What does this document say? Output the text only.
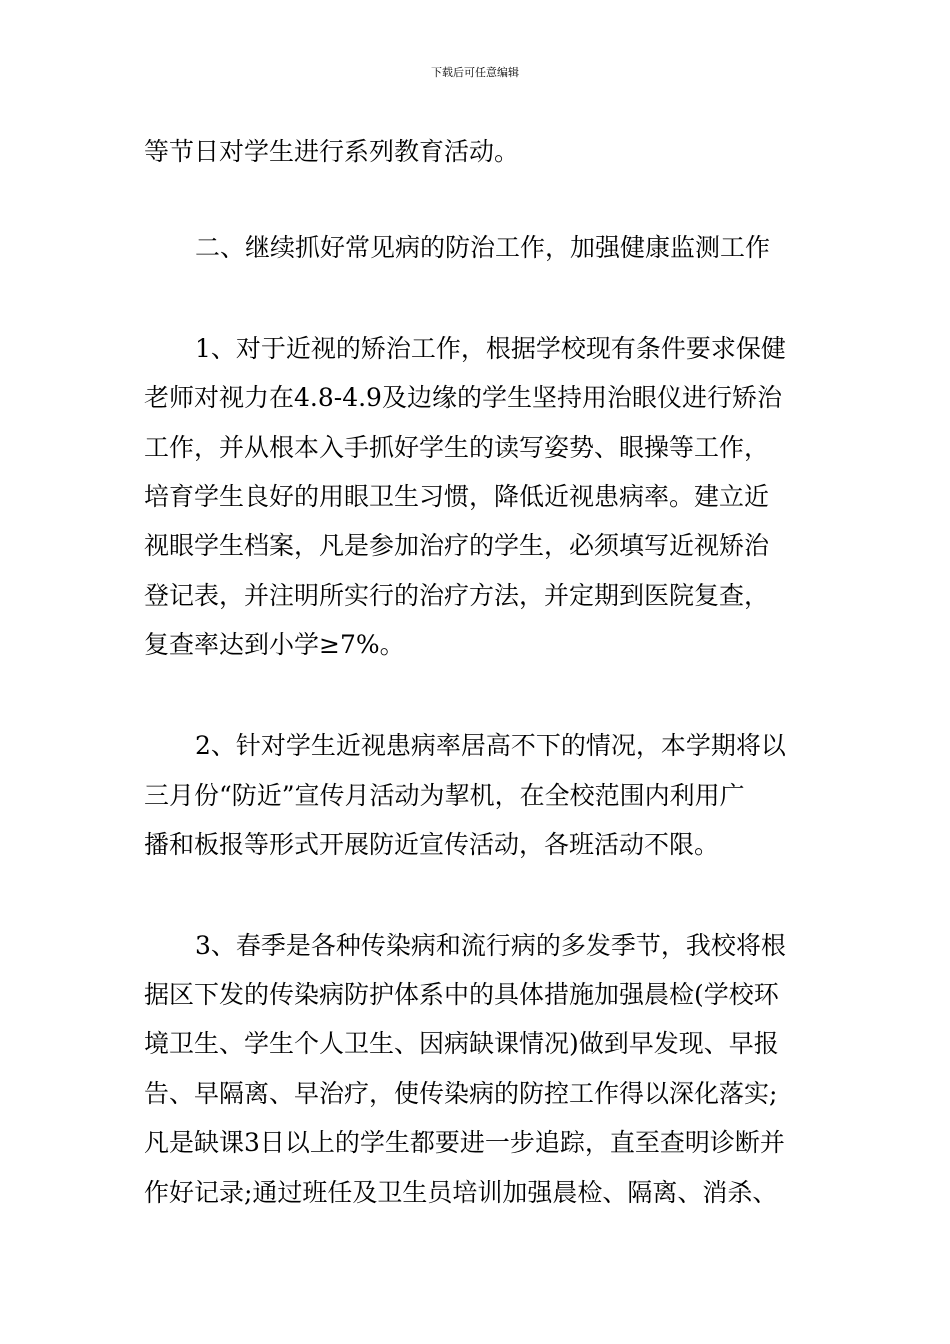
下载后可任意编辑
等节日对学生进行系列教育活动。
二、继续抓好常见病的防治工作，加强健康监测工作
1、对于近视的矫治工作，根据学校现有条件要求保健
老师对视力在4.8-4.9及边缘的学生坚持用治眼仪进行矫治
工作，并从根本入手抓好学生的读写姿势、眼操等工作，
培育学生良好的用眼卫生习惯，降低近视患病率。建立近
视眼学生档案，凡是参加治疗的学生，必须填写近视矫治
登记表，并注明所实行的治疗方法，并定期到医院复查，
复查率达到小学≥7%。
2、针对学生近视患病率居高不下的情况，本学期将以
三月份“防近”宣传月活动为挈机，在全校范围内利用广
播和板报等形式开展防近宣传活动，各班活动不限。
3、春季是各种传染病和流行病的多发季节，我校将根
据区下发的传染病防护体系中的具体措施加强晨检(学校环
境卫生、学生个人卫生、因病缺课情况)做到早发现、早报
告、早隔离、早治疗，使传染病的防控工作得以深化落实;
凡是缺课3日以上的学生都要进一步追踪，直至查明诊断并
作好记录;通过班任及卫生员培训加强晨检、隔离、消杀、
